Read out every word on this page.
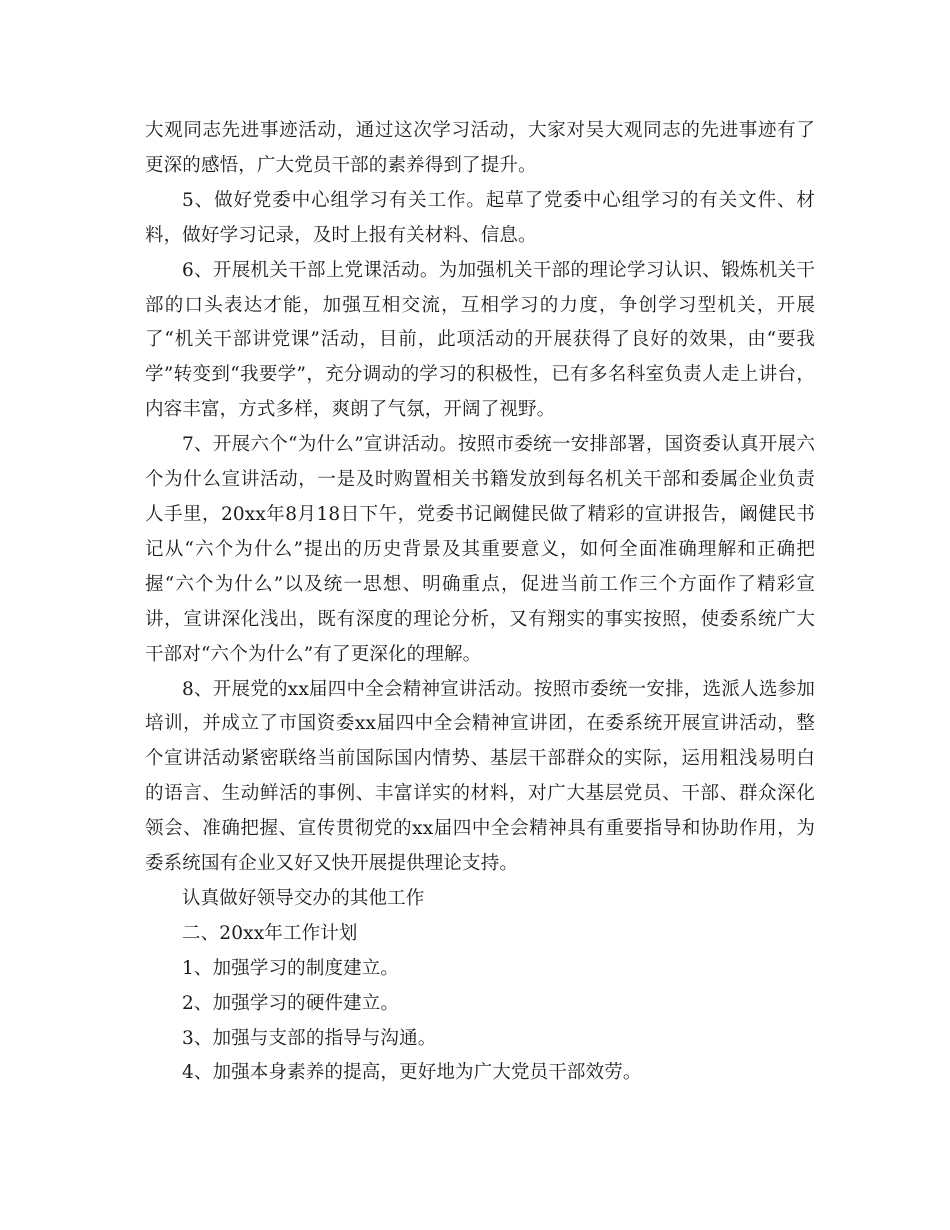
大观同志先进事迹活动，通过这次学习活动，大家对吴大观同志的先进事迹有了更深的感悟，广大党员干部的素养得到了提升。

5、做好党委中心组学习有关工作。起草了党委中心组学习的有关文件、材料，做好学习记录，及时上报有关材料、信息。

6、开展机关干部上党课活动。为加强机关干部的理论学习认识、锻炼机关干部的口头表达才能，加强互相交流，互相学习的力度，争创学习型机关，开展了“机关干部讲党课”活动，目前，此项活动的开展获得了良好的效果，由“要我学”转变到“我要学”，充分调动的学习的积极性，已有多名科室负责人走上讲台，内容丰富，方式多样，爽朗了气氛，开阔了视野。

7、开展六个“为什么”宣讲活动。按照市委统一安排部署，国资委认真开展六个为什么宣讲活动，一是及时购置相关书籍发放到每名机关干部和委属企业负责人手里，20xx年8月18日下午，党委书记阚健民做了精彩的宣讲报告，阚健民书记从“六个为什么”提出的历史背景及其重要意义，如何全面准确理解和正确把握“六个为什么”以及统一思想、明确重点，促进当前工作三个方面作了精彩宣讲，宣讲深化浅出，既有深度的理论分析，又有翔实的事实按照，使委系统广大干部对“六个为什么”有了更深化的理解。

8、开展党的xx届四中全会精神宣讲活动。按照市委统一安排，选派人选参加培训，并成立了市国资委xx届四中全会精神宣讲团，在委系统开展宣讲活动，整个宣讲活动紧密联络当前国际国内情势、基层干部群众的实际，运用粗浅易明白的语言、生动鲜活的事例、丰富详实的材料，对广大基层党员、干部、群众深化领会、准确把握、宣传贯彻党的xx届四中全会精神具有重要指导和协助作用，为委系统国有企业又好又快开展提供理论支持。

认真做好领导交办的其他工作

二、20xx年工作计划

1、加强学习的制度建立。

2、加强学习的硬件建立。

3、加强与支部的指导与沟通。

4、加强本身素养的提高，更好地为广大党员干部效劳。
